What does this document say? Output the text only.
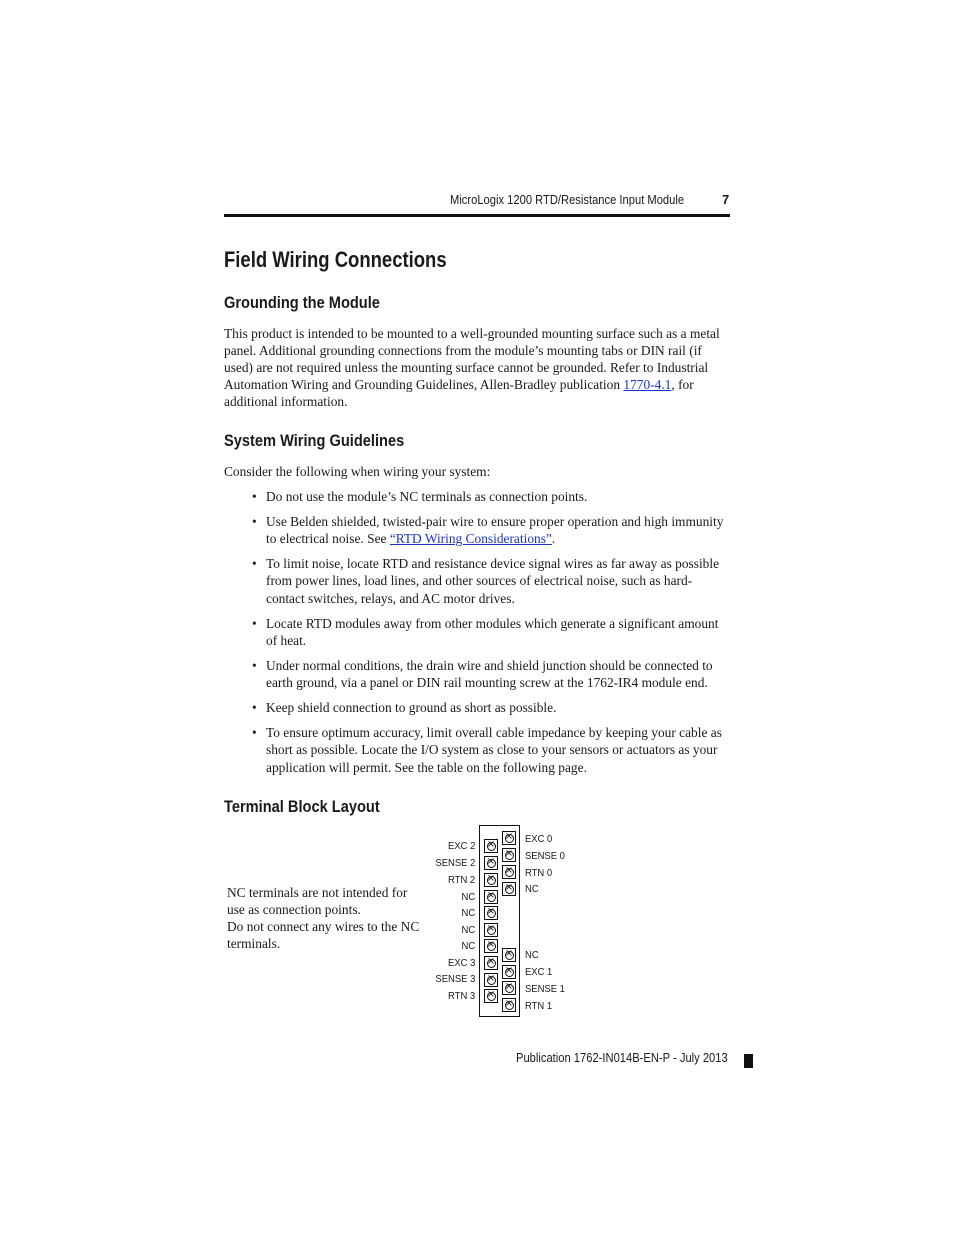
MicroLogix 1200 RTD/Resistance Input Module	7
Field Wiring Connections
Grounding the Module

This product is intended to be mounted to a well-grounded mounting surface such as a metal panel. Additional grounding connections from the module’s mounting tabs or DIN rail (if used) are not required unless the mounting surface cannot be grounded. Refer to Industrial Automation Wiring and Grounding Guidelines, Allen-Bradley publication 1770-4.1, for additional information.

System Wiring Guidelines

Consider the following when wiring your system:

• Do not use the module’s NC terminals as connection points.
• Use Belden shielded, twisted-pair wire to ensure proper operation and high immunity to electrical noise. See “RTD Wiring Considerations”.
• To limit noise, locate RTD and resistance device signal wires as far away as possible from power lines, load lines, and other sources of electrical noise, such as hard-contact switches, relays, and AC motor drives.
• Locate RTD modules away from other modules which generate a significant amount of heat.
• Under normal conditions, the drain wire and shield junction should be connected to earth ground, via a panel or DIN rail mounting screw at the 1762-IR4 module end.
• Keep shield connection to ground as short as possible.
• To ensure optimum accuracy, limit overall cable impedance by keeping your cable as short as possible. Locate the I/O system as close to your sensors or actuators as your application will permit. See the table on the following page.
Terminal Block Layout

NC terminals are not intended for use as connection points.

Do not connect any wires to the NC terminals.

×
×
×
×
×
×
×
×
×
×
×
×
×
×
×
×
×
×
EXC 2
SENSE 2
RTN 2
NC
NC
NC
NC
EXC 3
SENSE 3
RTN 3
EXC 0
SENSE 0
RTN 0
NC
NC
EXC 1
SENSE 1
RTN 1
Publication 1762-IN014B-EN-P - July 2013
